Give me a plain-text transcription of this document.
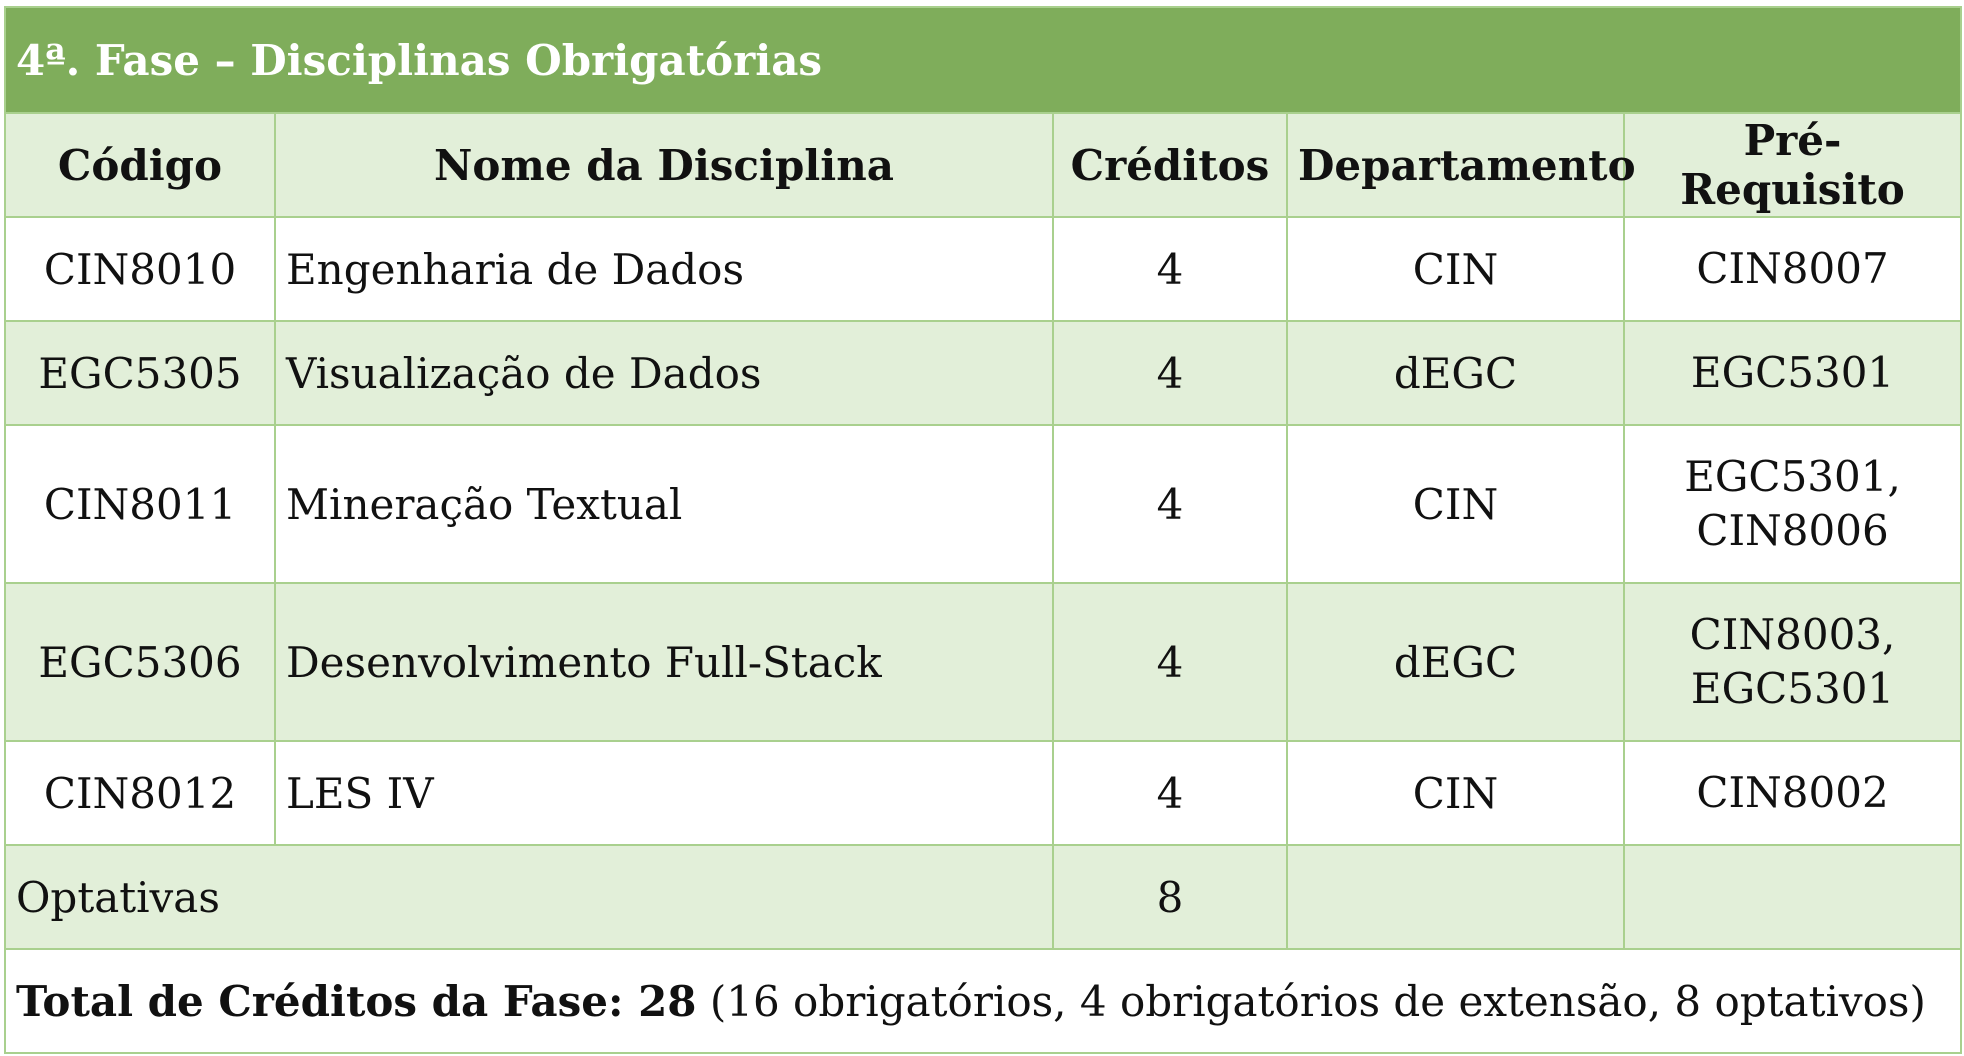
4ª. Fase – Disciplinas Obrigatórias				
Código	Nome da Disciplina	Créditos	Departamento	Pré-Requisito
CIN8010	Engenharia de Dados	4	CIN	CIN8007

EGC5305	Visualização de Dados	4	dEGC	EGC5301

CIN8011	Mineração Textual	4	CIN	EGC5301,
CIN8006

EGC5306	Desenvolvimento Full-Stack	4	dEGC	CIN8003,
EGC5301

CIN8012	LES IV	4	CIN	CIN8002

Optativas		8		
Total de Créditos da Fase: 28 (16 obrigatórios, 4 obrigatórios de extensão, 8 optativos)				
